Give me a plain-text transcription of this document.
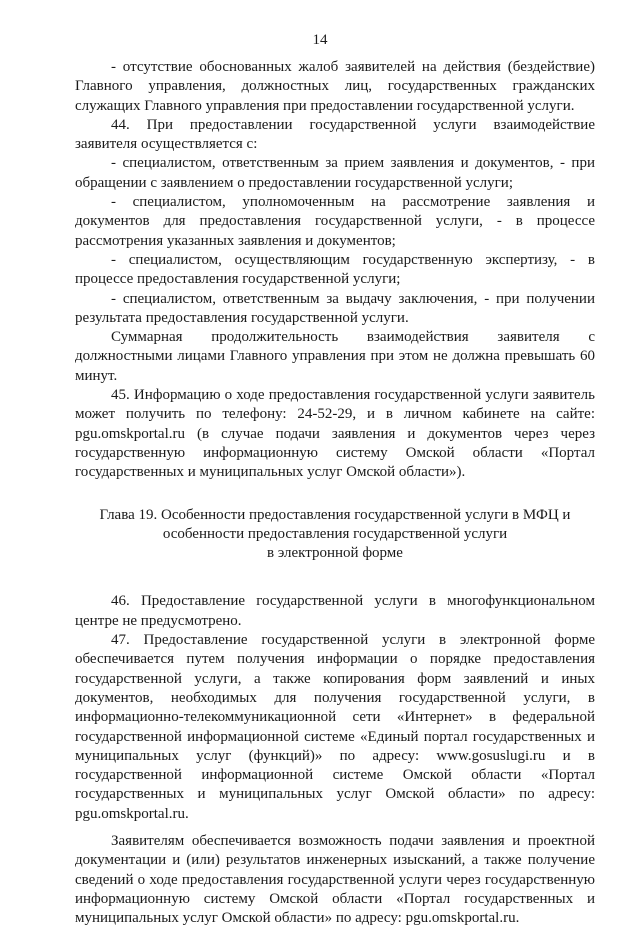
14

- отсутствие обоснованных жалоб заявителей на действия (бездействие) Главного управления, должностных лиц, государственных гражданских служащих Главного управления при предоставлении государственной услуги.

44. При предоставлении государственной услуги взаимодействие заявителя осуществляется с:

- специалистом, ответственным за прием заявления и документов, - при обращении с заявлением о предоставлении государственной услуги;

- специалистом, уполномоченным на рассмотрение заявления и документов для предоставления государственной услуги, - в процессе рассмотрения указанных заявления и документов;

- специалистом, осуществляющим государственную экспертизу, - в процессе предоставления государственной услуги;

- специалистом, ответственным за выдачу заключения, - при получении результата предоставления государственной услуги.

Суммарная продолжительность взаимодействия заявителя с должностными лицами Главного управления при этом не должна превышать 60 минут.

45. Информацию о ходе предоставления государственной услуги заявитель может получить по телефону: 24-52-29, и в личном кабинете на сайте: pgu.omskportal.ru (в случае подачи заявления и документов через через государственную информационную систему Омской области «Портал государственных и муниципальных услуг Омской области»).

Глава 19. Особенности предоставления государственной услуги в МФЦ и
особенности предоставления государственной услуги
в электронной форме

46. Предоставление государственной услуги в многофункциональном центре не предусмотрено.

47. Предоставление государственной услуги в электронной форме обеспечивается путем получения информации о порядке предоставления государственной услуги, а также копирования форм заявлений и иных документов, необходимых для получения государственной услуги, в информационно-телекоммуникационной сети «Интернет» в федеральной государственной информационной системе «Единый портал государственных и муниципальных услуг (функций)» по адресу: www.gosuslugi.ru и в государственной информационной системе Омской области «Портал государственных и муниципальных услуг Омской области» по адресу: pgu.omskportal.ru.

Заявителям обеспечивается возможность подачи заявления и проектной документации и (или) результатов инженерных изысканий, а также получение сведений о ходе предоставления государственной услуги через государственную информационную систему Омской области «Портал государственных и муниципальных услуг Омской области» по адресу: pgu.omskportal.ru.
